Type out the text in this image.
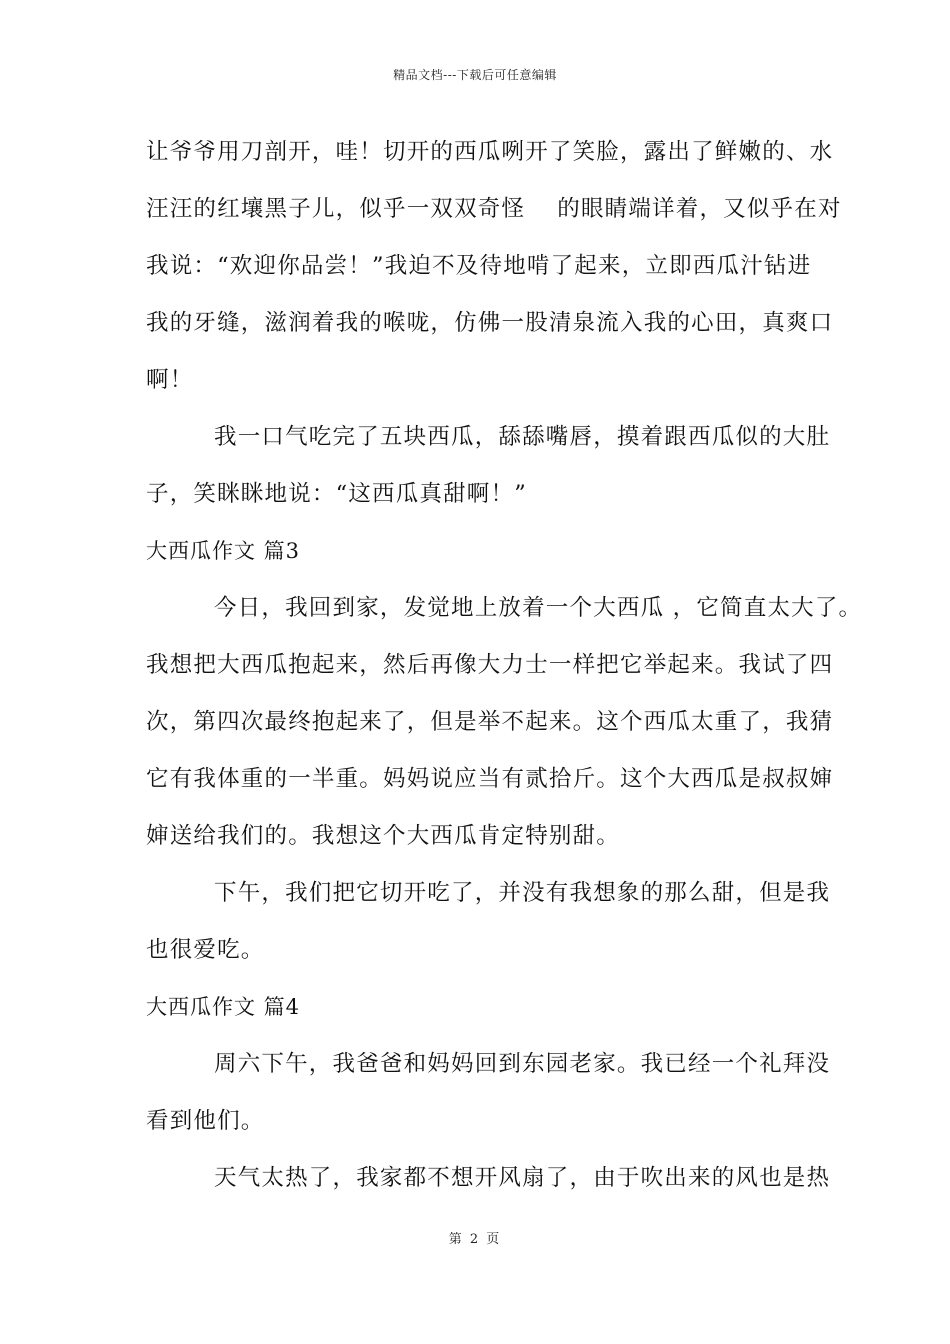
精品文档---下载后可任意编辑
让爷爷用刀剖开，哇！切开的西瓜咧开了笑脸，露出了鲜嫩的、水
汪汪的红壤黑子儿，似乎一双双奇怪　 的眼睛端详着，又似乎在对
我说：“欢迎你品尝！”我迫不及待地啃了起来，立即西瓜汁钻进
我的牙缝，滋润着我的喉咙，仿佛一股清泉流入我的心田，真爽口
啊！
我一口气吃完了五块西瓜，舔舔嘴唇，摸着跟西瓜似的大肚
子，笑眯眯地说：“这西瓜真甜啊！”
大西瓜作文 篇3
今日，我回到家，发觉地上放着一个大西瓜 ，它简直太大了。
我想把大西瓜抱起来，然后再像大力士一样把它举起来。我试了四
次，第四次最终抱起来了，但是举不起来。这个西瓜太重了，我猜
它有我体重的一半重。妈妈说应当有贰拾斤。这个大西瓜是叔叔婶
婶送给我们的。我想这个大西瓜肯定特别甜。
下午，我们把它切开吃了，并没有我想象的那么甜，但是我
也很爱吃。
大西瓜作文 篇4
周六下午，我爸爸和妈妈回到东园老家。我已经一个礼拜没
看到他们。
天气太热了，我家都不想开风扇了，由于吹出来的风也是热
第 2 页
